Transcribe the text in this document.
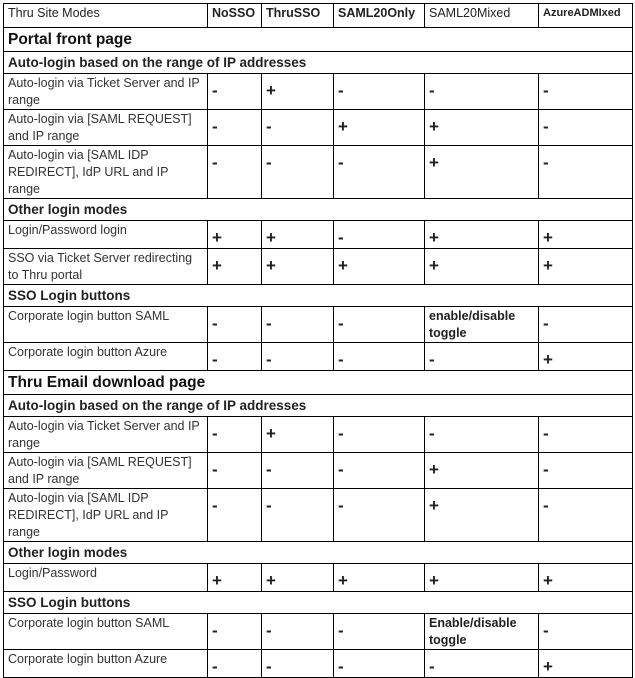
Thru Site Modes	NoSSO	ThruSSO	SAML20Only	SAML20Mixed	AzureADMIxed
Portal front page					
Auto-login based on the range of IP addresses					
Auto-login via Ticket Server and IP range	-	+	-	-	-
Auto-login via [SAML REQUEST] and IP range	-	-	+	+	-
Auto-login via [SAML IDP REDIRECT], IdP URL and IP range	-	-	-	+	-
Other login modes					
Login/Password login	+	+	-	+	+
SSO via Ticket Server redirecting to Thru portal	+	+	+	+	+
SSO Login buttons					
Corporate login button SAML	-	-	-	enable/disable toggle	-
Corporate login button Azure	-	-	-	-	+
Thru Email download page					
Auto-login based on the range of IP addresses					
Auto-login via Ticket Server and IP range	-	+	-	-	-
Auto-login via [SAML REQUEST] and IP range	-	-	-	+	-
Auto-login via [SAML IDP REDIRECT], IdP URL and IP range	-	-	-	+	-
Other login modes					
Login/Password	+	+	+	+	+
SSO Login buttons					
Corporate login button SAML	-	-	-	Enable/disable toggle	-
Corporate login button Azure	-	-	-	-	+
